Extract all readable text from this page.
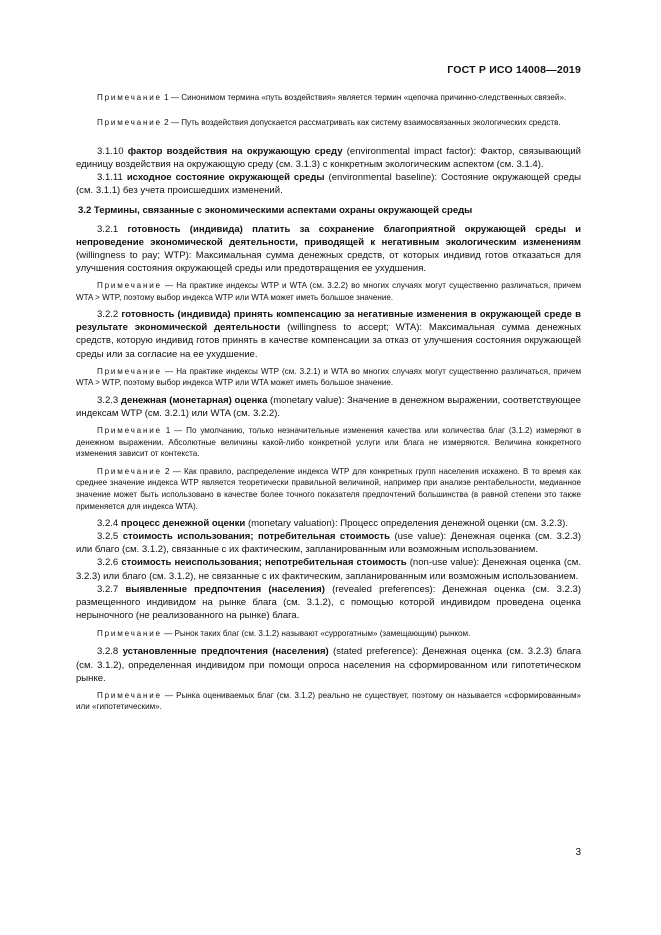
ГОСТ Р ИСО 14008—2019

Примечание 1 — Синонимом термина «путь воздействия» является термин «цепочка причинно-следственных связей».

Примечание 2 — Путь воздействия допускается рассматривать как систему взаимосвязанных экологических средств.

3.1.10 фактор воздействия на окружающую среду (environmental impact factor): Фактор, связывающий единицу воздействия на окружающую среду (см. 3.1.3) с конкретным экологическим аспектом (см. 3.1.4).

3.1.11 исходное состояние окружающей среды (environmental baseline): Состояние окружающей среды (см. 3.1.1) без учета происшедших изменений.

3.2 Термины, связанные с экономическими аспектами охраны окружающей среды

3.2.1 готовность (индивида) платить за сохранение благоприятной окружающей среды и непроведение экономической деятельности, приводящей к негативным экологическим изменениям (willingness to pay; WTP): Максимальная сумма денежных средств, от которых индивид готов отказаться для улучшения состояния окружающей среды или предотвращения ее ухудшения.

Примечание — На практике индексы WTP и WTA (см. 3.2.2) во многих случаях могут существенно различаться, причем WTA > WTP, поэтому выбор индекса WTP или WTA может иметь большое значение.

3.2.2 готовность (индивида) принять компенсацию за негативные изменения в окружающей среде в результате экономической деятельности (willingness to accept; WTA): Максимальная сумма денежных средств, которую индивид готов принять в качестве компенсации за отказ от улучшения состояния окружающей среды или за согласие на ее ухудшение.

Примечание — На практике индексы WTP (см. 3.2.1) и WTA во многих случаях могут существенно различаться, причем WTA > WTP, поэтому выбор индекса WTP или WTA может иметь большое значение.

3.2.3 денежная (монетарная) оценка (monetary value): Значение в денежном выражении, соответствующее индексам WTP (см. 3.2.1) или WTA (см. 3.2.2).

Примечание 1 — По умолчанию, только незначительные изменения качества или количества благ (3.1.2) измеряют в денежном выражении. Абсолютные величины какой-либо конкретной услуги или блага не измеряются. Величина конкретного изменения зависит от контекста.

Примечание 2 — Как правило, распределение индекса WTP для конкретных групп населения искажено. В то время как среднее значение индекса WTP является теоретически правильной величиной, например при анализе рентабельности, медианное значение может быть использовано в качестве более точного показателя предпочтений большинства (в равной степени это также применяется для индекса WTA).

3.2.4 процесс денежной оценки (monetary valuation): Процесс определения денежной оценки (см. 3.2.3).

3.2.5 стоимость использования; потребительная стоимость (use value): Денежная оценка (см. 3.2.3) или благо (см. 3.1.2), связанные с их фактическим, запланированным или возможным использованием.

3.2.6 стоимость неиспользования; непотребительная стоимость (non-use value): Денежная оценка (см. 3.2.3) или благо (см. 3.1.2), не связанные с их фактическим, запланированным или возможным использованием.

3.2.7 выявленные предпочтения (населения) (revealed preferences): Денежная оценка (см. 3.2.3) размещенного индивидом на рынке блага (см. 3.1.2), с помощью которой индивидом проведена оценка нерыночного (не реализованного на рынке) блага.

Примечание — Рынок таких благ (см. 3.1.2) называют «суррогатным» (замещающим) рынком.

3.2.8 установленные предпочтения (населения) (stated preference): Денежная оценка (см. 3.2.3) блага (см. 3.1.2), определенная индивидом при помощи опроса населения на сформированном или гипотетическом рынке.

Примечание — Рынка оцениваемых благ (см. 3.1.2) реально не существует, поэтому он называется «сформированным» или «гипотетическим».

3
